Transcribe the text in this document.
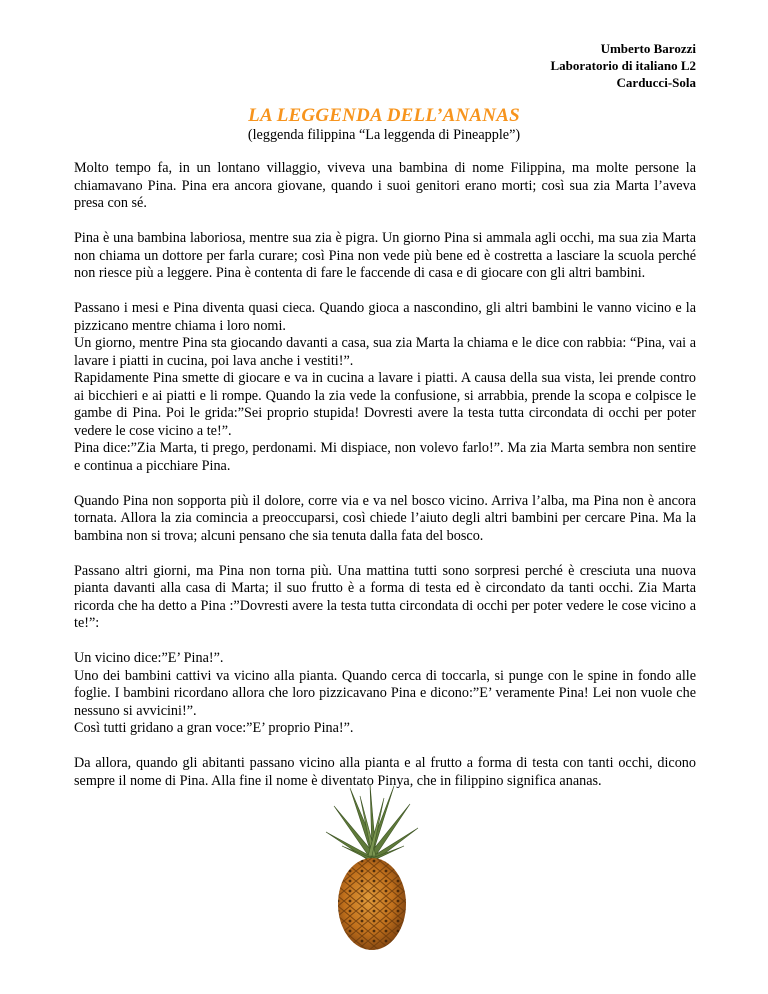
Umberto Barozzi
Laboratorio di italiano L2
Carducci-Sola
LA LEGGENDA DELL’ANANAS
(leggenda filippina “La leggenda di Pineapple”)

Molto tempo fa, in un lontano villaggio, viveva una bambina di nome Filippina, ma molte persone la chiamavano Pina. Pina era ancora giovane, quando i suoi genitori erano morti; così sua zia Marta l’aveva presa con sé.

Pina è una bambina laboriosa, mentre sua zia è pigra. Un giorno Pina si ammala agli occhi, ma sua zia Marta non chiama un dottore per farla curare; così Pina non vede più bene ed è costretta a lasciare la scuola perché non riesce più a leggere. Pina è contenta di fare le faccende di casa e di giocare con gli altri bambini.

Passano i mesi e Pina diventa quasi cieca. Quando gioca a nascondino, gli altri bambini le vanno vicino e la pizzicano mentre chiama i loro nomi.

Un giorno, mentre Pina sta giocando davanti a casa, sua zia Marta la chiama e le dice con rabbia: “Pina, vai a lavare i piatti in cucina, poi lava anche i vestiti!”.

Rapidamente Pina smette di giocare e va in cucina a lavare i piatti. A causa della sua vista, lei prende contro ai bicchieri e ai piatti e li rompe. Quando la zia vede la confusione, si arrabbia, prende la scopa e colpisce le gambe di Pina. Poi le grida:”Sei proprio stupida! Dovresti avere la testa tutta circondata di occhi per poter vedere le cose vicino a te!”.

Pina dice:”Zia Marta, ti prego, perdonami. Mi dispiace, non volevo farlo!”. Ma zia Marta sembra non sentire e continua a picchiare Pina.

Quando Pina non sopporta più il dolore, corre via e va nel bosco vicino. Arriva l’alba, ma Pina non è ancora tornata. Allora la zia comincia a preoccuparsi, così chiede l’aiuto degli altri bambini per cercare Pina. Ma la bambina non si trova; alcuni pensano che sia tenuta dalla fata del bosco.

Passano altri giorni, ma Pina non torna più. Una mattina tutti sono sorpresi perché è cresciuta una nuova pianta davanti alla casa di Marta; il suo frutto è a forma di testa ed è circondato da tanti occhi. Zia Marta ricorda che ha detto a Pina :”Dovresti avere la testa tutta circondata di occhi per poter vedere le cose vicino a te!”:

Un vicino dice:”E’ Pina!”.

Uno dei bambini cattivi va vicino alla pianta. Quando cerca di toccarla, si punge con le spine in fondo alle foglie. I bambini ricordano allora che loro pizzicavano Pina e dicono:”E’ veramente Pina! Lei non vuole che nessuno si avvicini!”.

Così tutti gridano a gran voce:”E’ proprio Pina!”.

Da allora, quando gli abitanti passano vicino alla pianta e al frutto a forma di testa con tanti occhi, dicono sempre il nome di Pina. Alla fine il nome è diventato Pinya, che in filippino significa ananas.
